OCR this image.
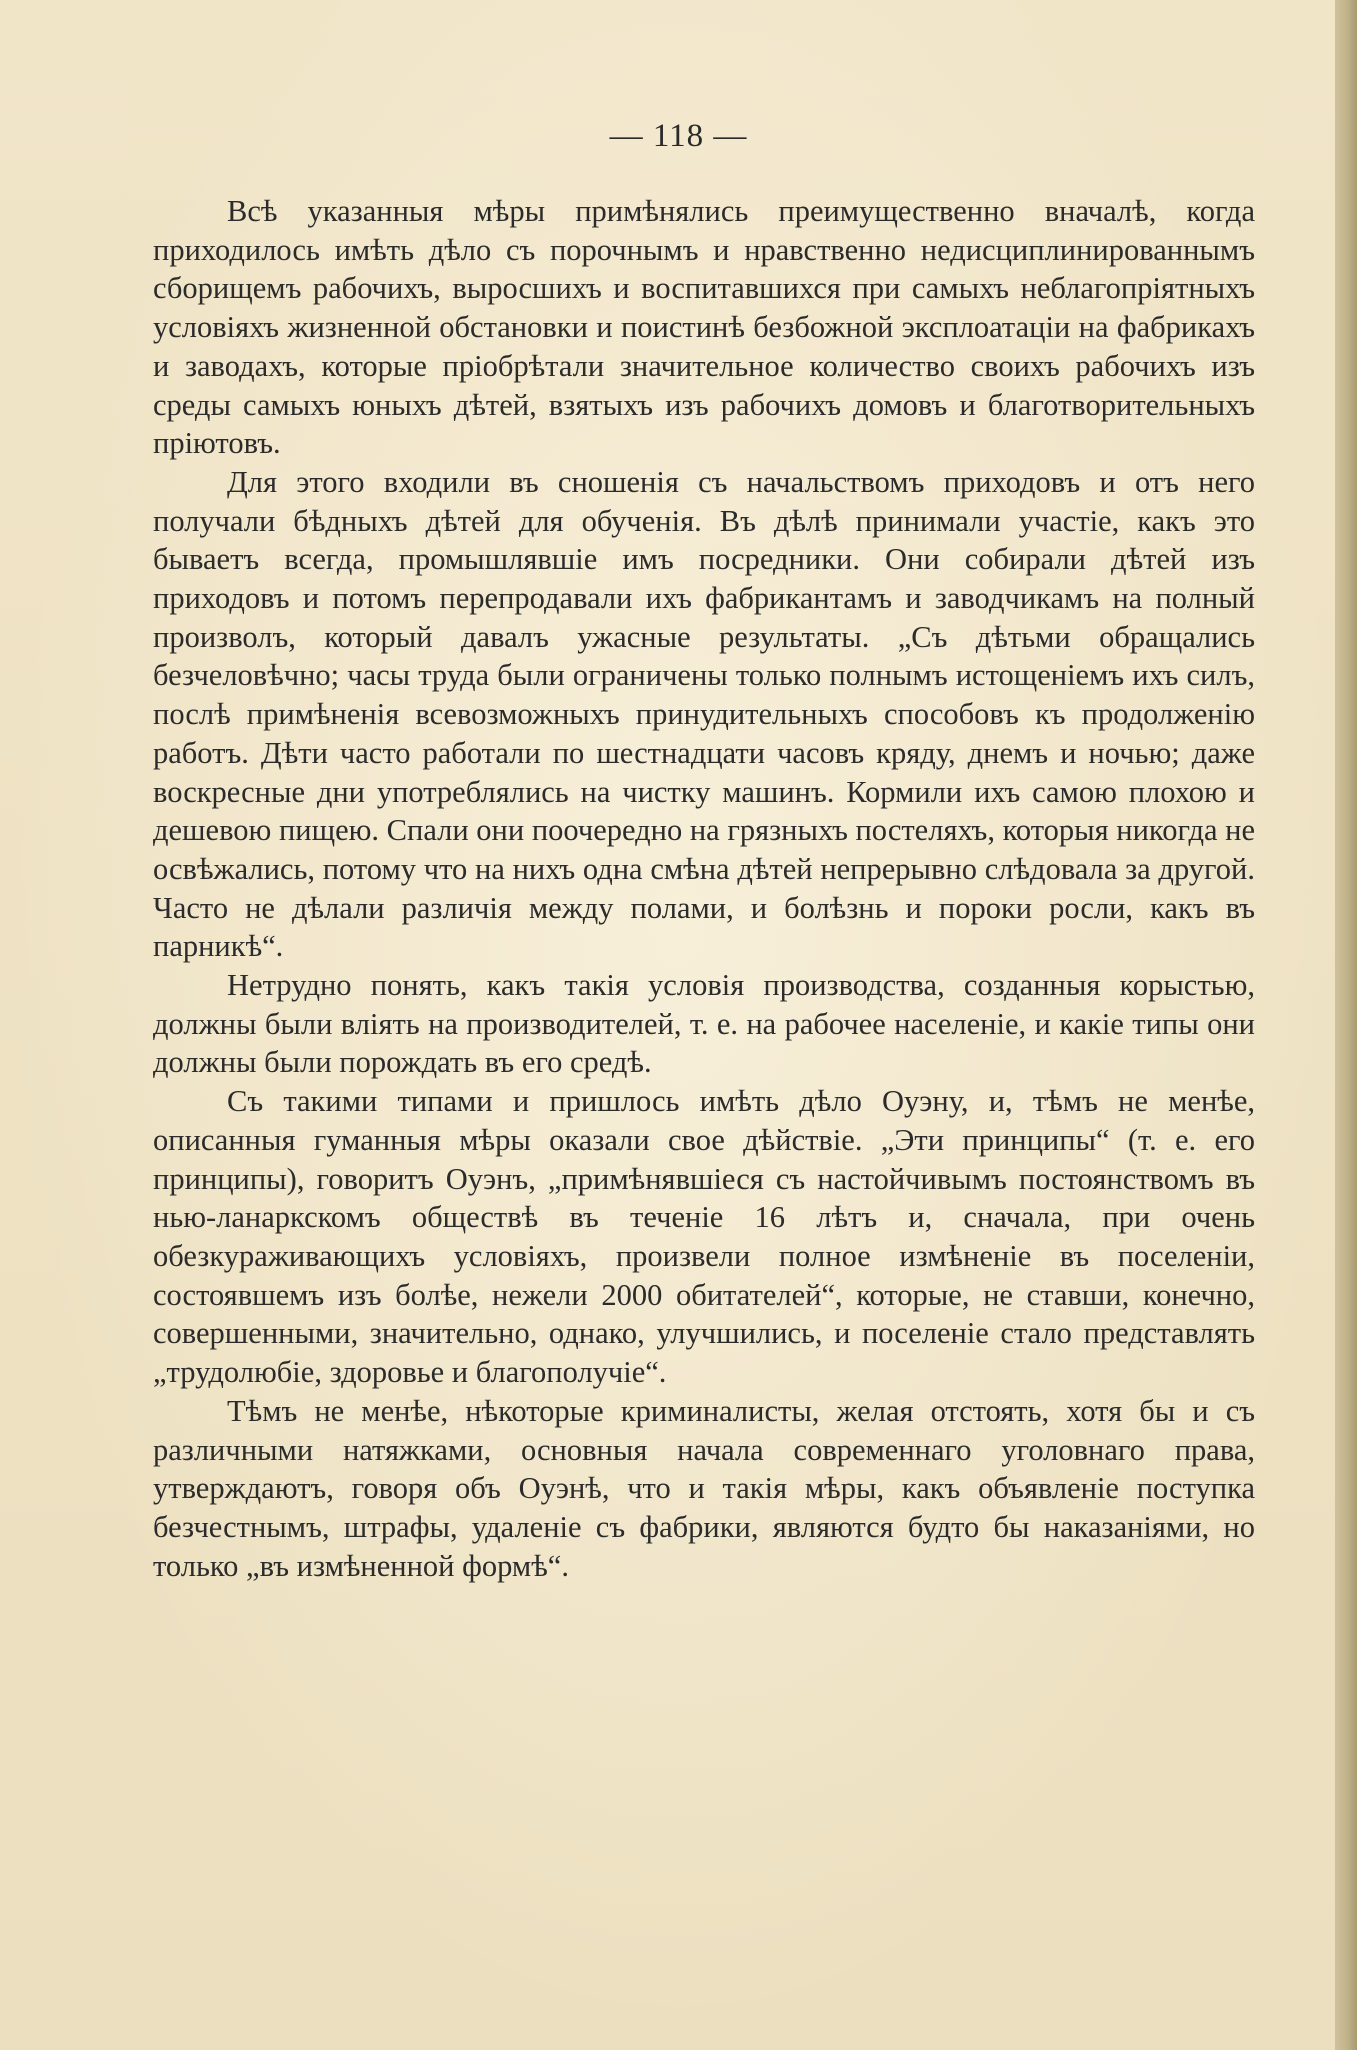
— 118 —

Всѣ указанныя мѣры примѣнялись преимущественно вначалѣ, когда приходилось имѣть дѣло съ порочнымъ и нравственно недисциплинированнымъ сборищемъ рабочихъ, выросшихъ и воспитавшихся при самыхъ неблагопріятныхъ условіяхъ жизненной обстановки и поистинѣ безбожной эксплоатаціи на фабрикахъ и заводахъ, которые пріобрѣтали значительное количество своихъ рабочихъ изъ среды самыхъ юныхъ дѣтей, взятыхъ изъ рабочихъ домовъ и благотворительныхъ пріютовъ.

Для этого входили въ сношенія съ начальствомъ приходовъ и отъ него получали бѣдныхъ дѣтей для обученія. Въ дѣлѣ принимали участіе, какъ это бываетъ всегда, промышлявшіе имъ посредники. Они собирали дѣтей изъ приходовъ и потомъ перепродавали ихъ фабрикантамъ и заводчикамъ на полный произволъ, который давалъ ужасные результаты. „Съ дѣтьми обращались безчеловѣчно; часы труда были ограничены только полнымъ истощеніемъ ихъ силъ, послѣ примѣненія всевозможныхъ принудительныхъ способовъ къ продолженію работъ. Дѣти часто работали по шестнадцати часовъ кряду, днемъ и ночью; даже воскресные дни употреблялись на чистку машинъ. Кормили ихъ самою плохою и дешевою пищею. Спали они поочередно на грязныхъ постеляхъ, которыя никогда не освѣжались, потому что на нихъ одна смѣна дѣтей непрерывно слѣдовала за другой. Часто не дѣлали различія между полами, и болѣзнь и пороки росли, какъ въ парникѣ“.

Нетрудно понять, какъ такія условія производства, созданныя корыстью, должны были вліять на производителей, т. е. на рабочее населеніе, и какіе типы они должны были порождать въ его средѣ.

Съ такими типами и пришлось имѣть дѣло Оуэну, и, тѣмъ не менѣе, описанныя гуманныя мѣры оказали свое дѣйствіе. „Эти принципы“ (т. е. его принципы), говоритъ Оуэнъ, „примѣнявшіеся съ настойчивымъ постоянствомъ въ нью-ланаркскомъ обществѣ въ теченіе 16 лѣтъ и, сначала, при очень обезкураживающихъ условіяхъ, произвели полное измѣненіе въ поселеніи, состоявшемъ изъ болѣе, нежели 2000 обитателей“, которые, не ставши, конечно, совершенными, значительно, однако, улучшились, и поселеніе стало представлять „трудолюбіе, здоровье и благополучіе“.

Тѣмъ не менѣе, нѣкоторые криминалисты, желая отстоять, хотя бы и съ различными натяжками, основныя начала современнаго уголовнаго права, утверждаютъ, говоря объ Оуэнѣ, что и такія мѣры, какъ объявленіе поступка безчестнымъ, штрафы, удаленіе съ фабрики, являются будто бы наказаніями, но только „въ измѣненной формѣ“.
